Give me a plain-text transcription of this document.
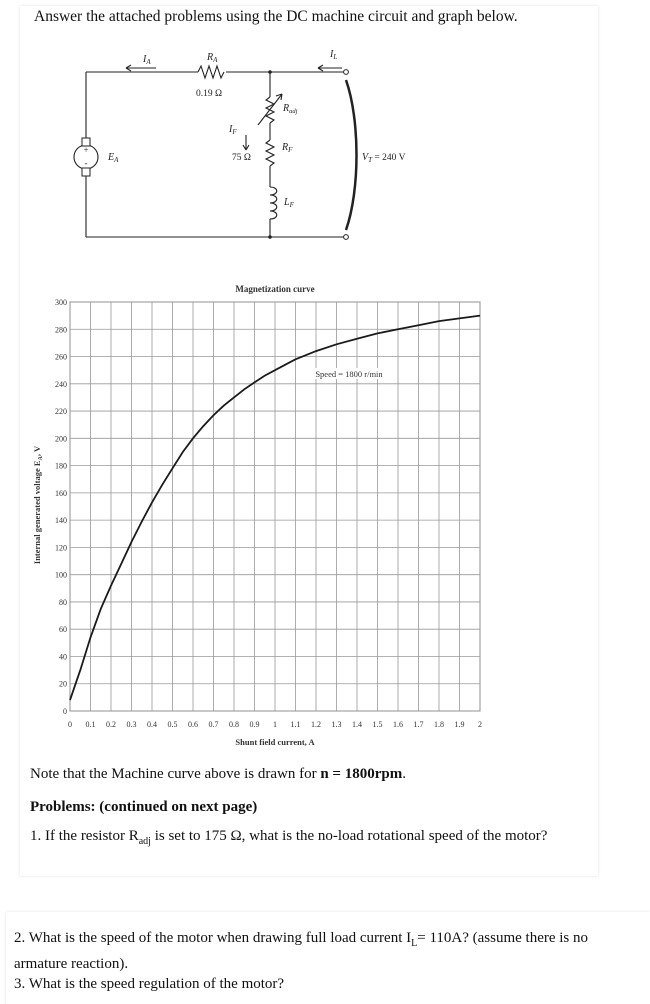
Answer the attached problems using the DC machine circuit and graph below.
+
-
$I_A$	$R_A$
0.19 Ω
$I_F$
$R_{adj}$
$R_F$
75 Ω
$L_F$
$I_L$
$E_A$	$V_T = 240$ V
Magnetization curve
0 0.1 0.2 0.3 0.4 0.5 0.6 0.7 0.8 0.9 1 1.1 1.2 1.3 1.4 1.5 1.6 1.7 1.8 1.9 2
0
20
40
60
80
100
120
140
160
180
200
220
240
260
280
300
Shunt field current, A
Internal generated voltage $E_A$, V
Speed = 1800 r/min
Note that the Machine curve above is drawn for n = 1800rpm.
Problems: (continued on next page)
1. If the resistor $R_{adj}$ is set to 175 Ω, what is the no-load rotational speed of the motor?
2. What is the speed of the motor when drawing full load current $I_L= 110A$? (assume there is no armature reaction).
3. What is the speed regulation of the motor?
